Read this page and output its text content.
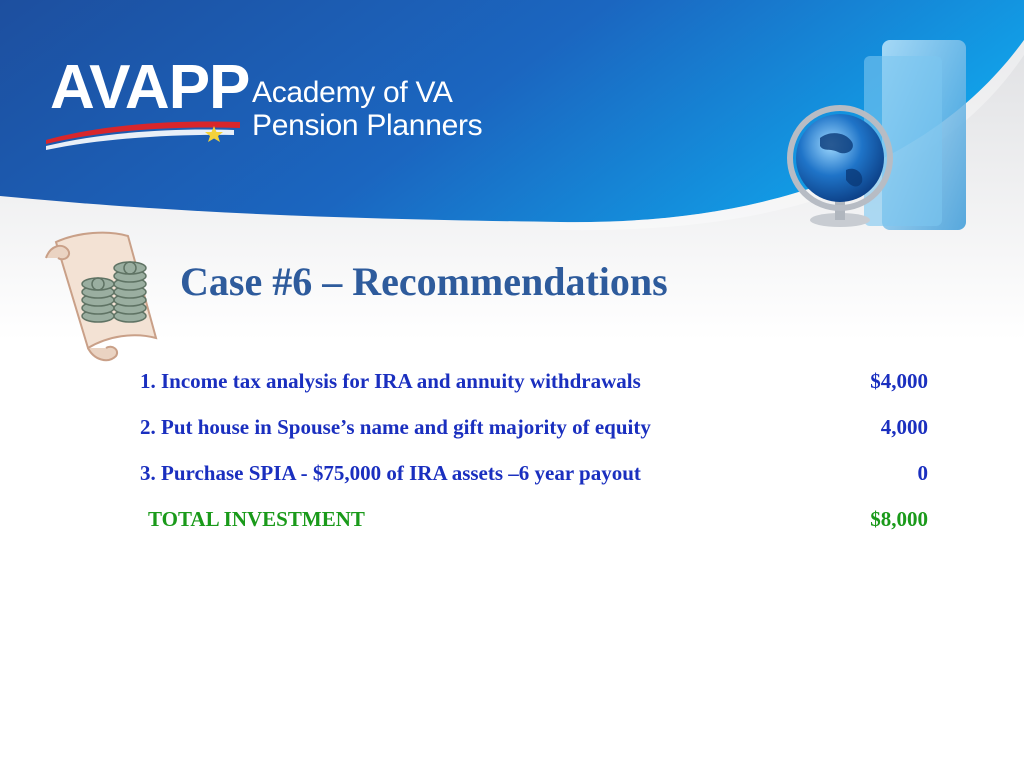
AVAPP Academy of VA
Pension Planners
Case #6 – Recommendations
1. Income tax analysis for IRA and annuity withdrawals	$4,000
2. Put house in Spouse’s name and gift majority of equity	4,000
3. Purchase SPIA - $75,000 of IRA assets –6 year payout	0
TOTAL INVESTMENT	$8,000
